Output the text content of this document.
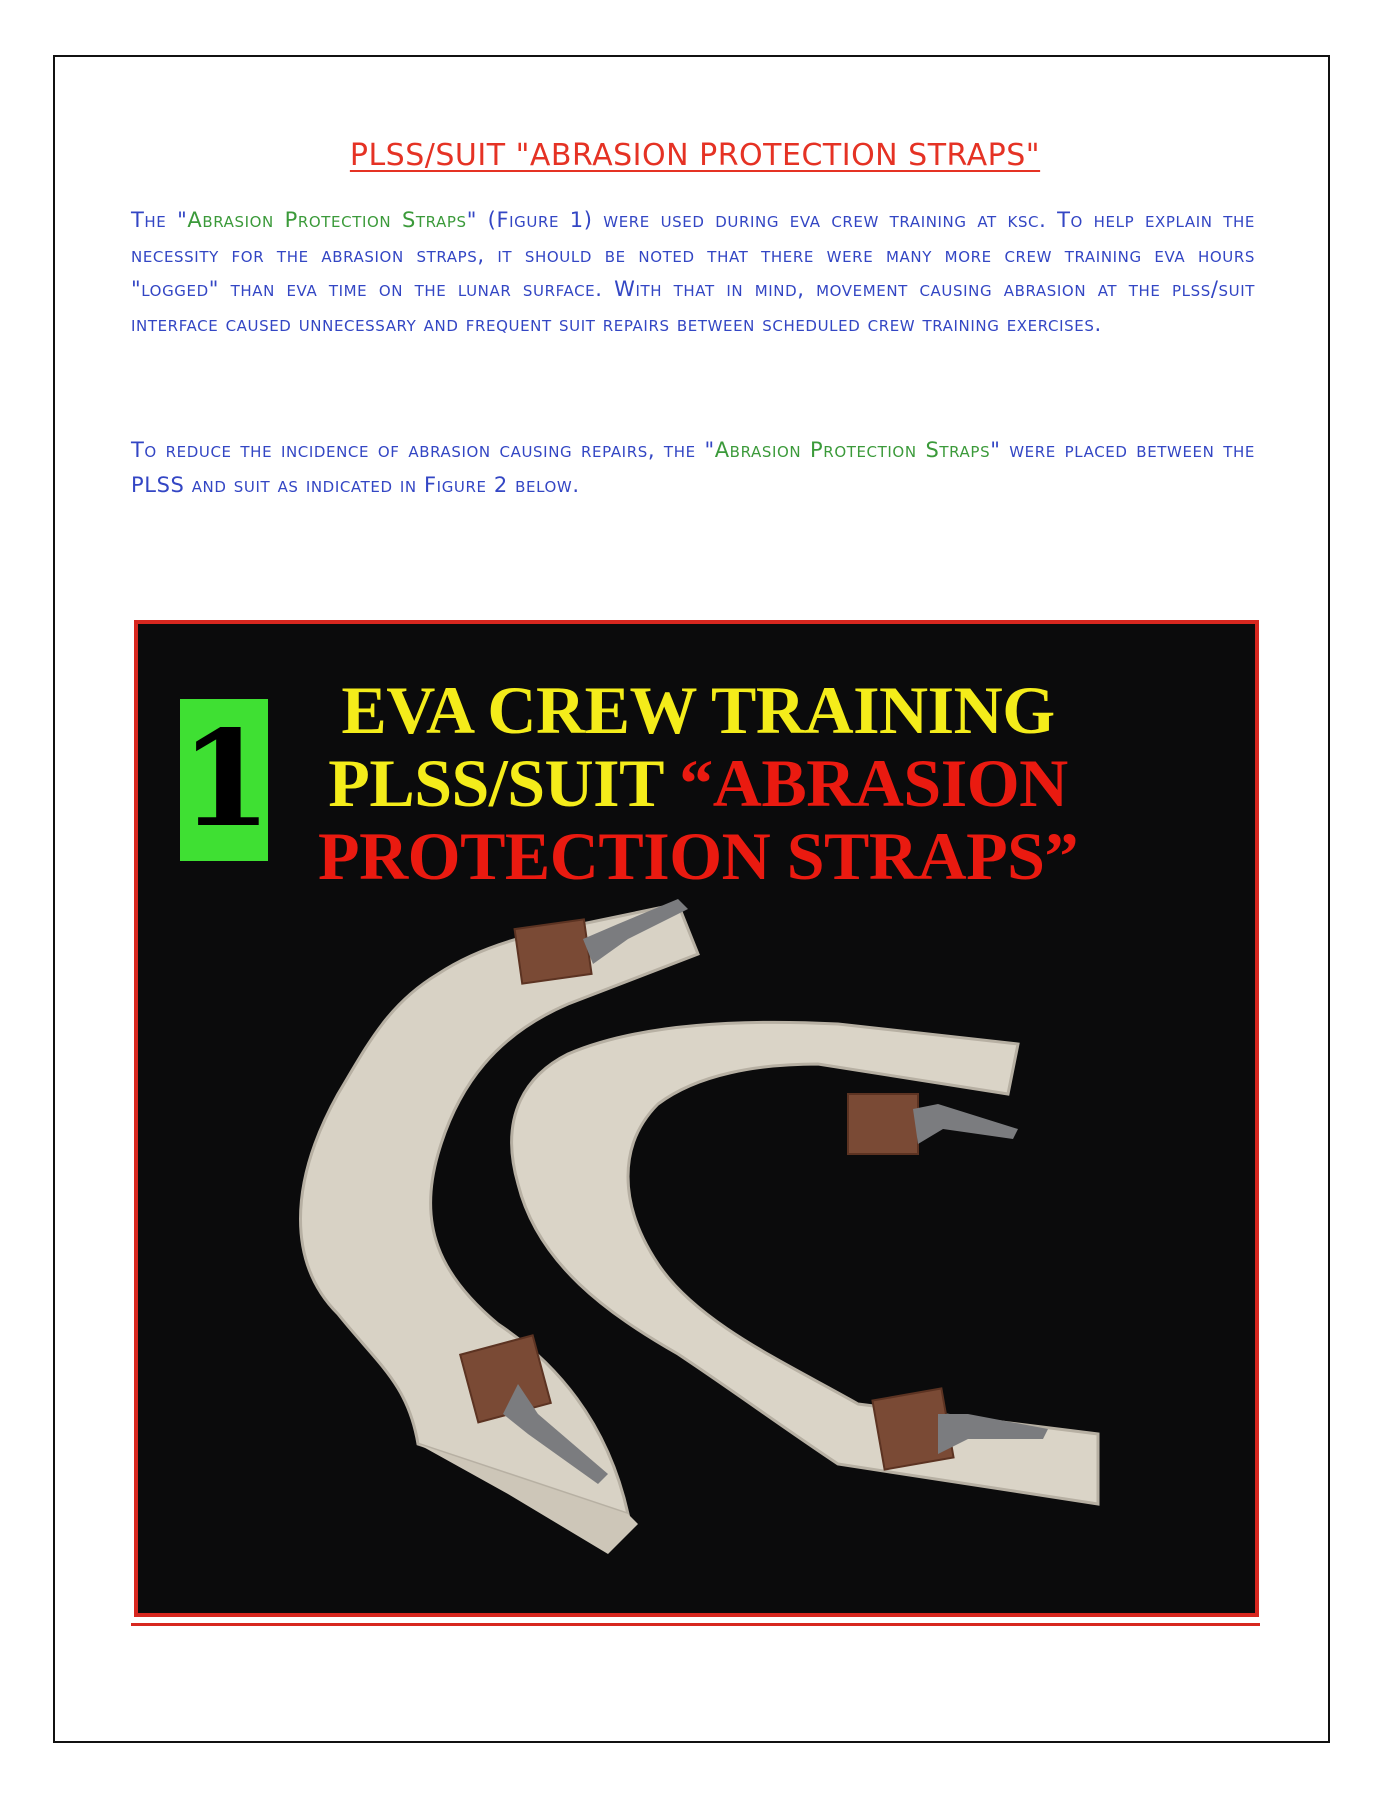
PLSS/SUIT "ABRASION PROTECTION STRAPS"
The "Abrasion Protection Straps" (Figure 1) were used during eva crew training at ksc. To help explain the necessity for the abrasion straps, it should be noted that there were many more crew training eva hours "logged" than eva time on the lunar surface. With that in mind, movement causing abrasion at the plss/suit interface caused unnecessary and frequent suit repairs between scheduled crew training exercises.
To reduce the incidence of abrasion causing repairs, the "Abrasion Protection Straps" were placed between the PLSS and suit as indicated in Figure 2 below.
1	EVA CREW TRAINING
PLSS/SUIT “ABRASION
PROTECTION STRAPS”
